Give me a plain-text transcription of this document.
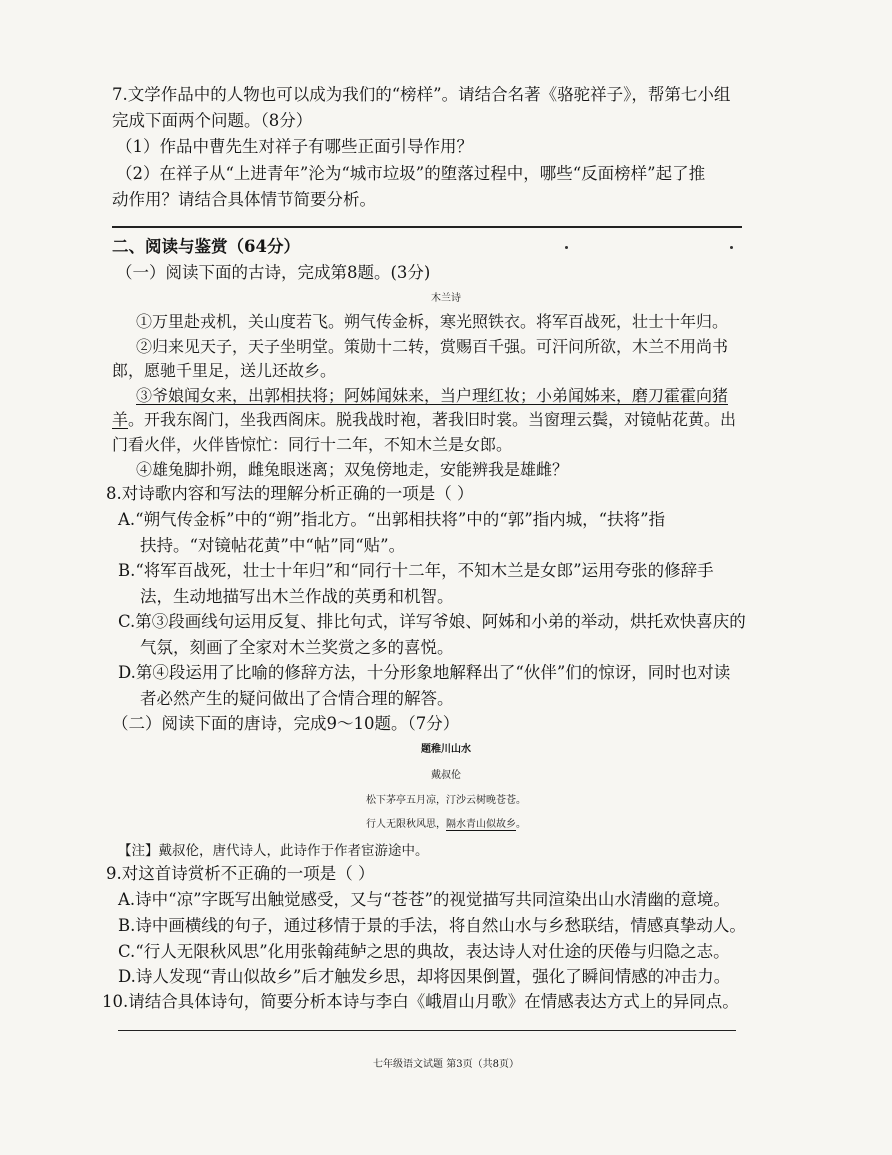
7.文学作品中的人物也可以成为我们的“榜样”。请结合名著《骆驼祥子》，帮第七小组
完成下面两个问题。（8分）
（1）作品中曹先生对祥子有哪些正面引导作用？
（2）在祥子从“上进青年”沦为“城市垃圾”的堕落过程中，哪些“反面榜样”起了推
动作用？请结合具体情节简要分析。
二、阅读与鉴赏（64分）
（一）阅读下面的古诗，完成第8题。(3分)
木兰诗
①万里赴戎机，关山度若飞。朔气传金柝，寒光照铁衣。将军百战死，壮士十年归。
②归来见天子，天子坐明堂。策勋十二转，赏赐百千强。可汗问所欲，木兰不用尚书
郎，愿驰千里足，送儿还故乡。
③爷娘闻女来，出郭相扶将；阿姊闻妹来，当户理红妆；小弟闻姊来，磨刀霍霍向猪
羊。开我东阁门，坐我西阁床。脱我战时袍，著我旧时裳。当窗理云鬓，对镜帖花黄。出
门看火伴，火伴皆惊忙：同行十二年，不知木兰是女郎。
④雄兔脚扑朔，雌兔眼迷离；双兔傍地走，安能辨我是雄雌？
8.对诗歌内容和写法的理解分析正确的一项是（ ）
A.“朔气传金柝”中的“朔”指北方。“出郭相扶将”中的“郭”指内城，“扶将”指
扶持。“对镜帖花黄”中“帖”同“贴”。
B.“将军百战死，壮士十年归”和“同行十二年，不知木兰是女郎”运用夸张的修辞手
法，生动地描写出木兰作战的英勇和机智。
C.第③段画线句运用反复、排比句式，详写爷娘、阿姊和小弟的举动，烘托欢快喜庆的
气氛，刻画了全家对木兰奖赏之多的喜悦。
D.第④段运用了比喻的修辞方法，十分形象地解释出了“伙伴”们的惊讶，同时也对读
者必然产生的疑问做出了合情合理的解答。
（二）阅读下面的唐诗，完成9～10题。（7分）
题稚川山水
戴叔伦
松下茅亭五月凉，汀沙云树晚苍苍。
行人无限秋风思，隔水青山似故乡。
【注】戴叔伦，唐代诗人，此诗作于作者宦游途中。
9.对这首诗赏析不正确的一项是（ ）
A.诗中“凉”字既写出触觉感受，又与“苍苍”的视觉描写共同渲染出山水清幽的意境。
B.诗中画横线的句子，通过移情于景的手法，将自然山水与乡愁联结，情感真挚动人。
C.“行人无限秋风思”化用张翰莼鲈之思的典故，表达诗人对仕途的厌倦与归隐之志。
D.诗人发现“青山似故乡”后才触发乡思，却将因果倒置，强化了瞬间情感的冲击力。
10.请结合具体诗句，简要分析本诗与李白《峨眉山月歌》在情感表达方式上的异同点。
七年级语文试题 第3页（共8页）
